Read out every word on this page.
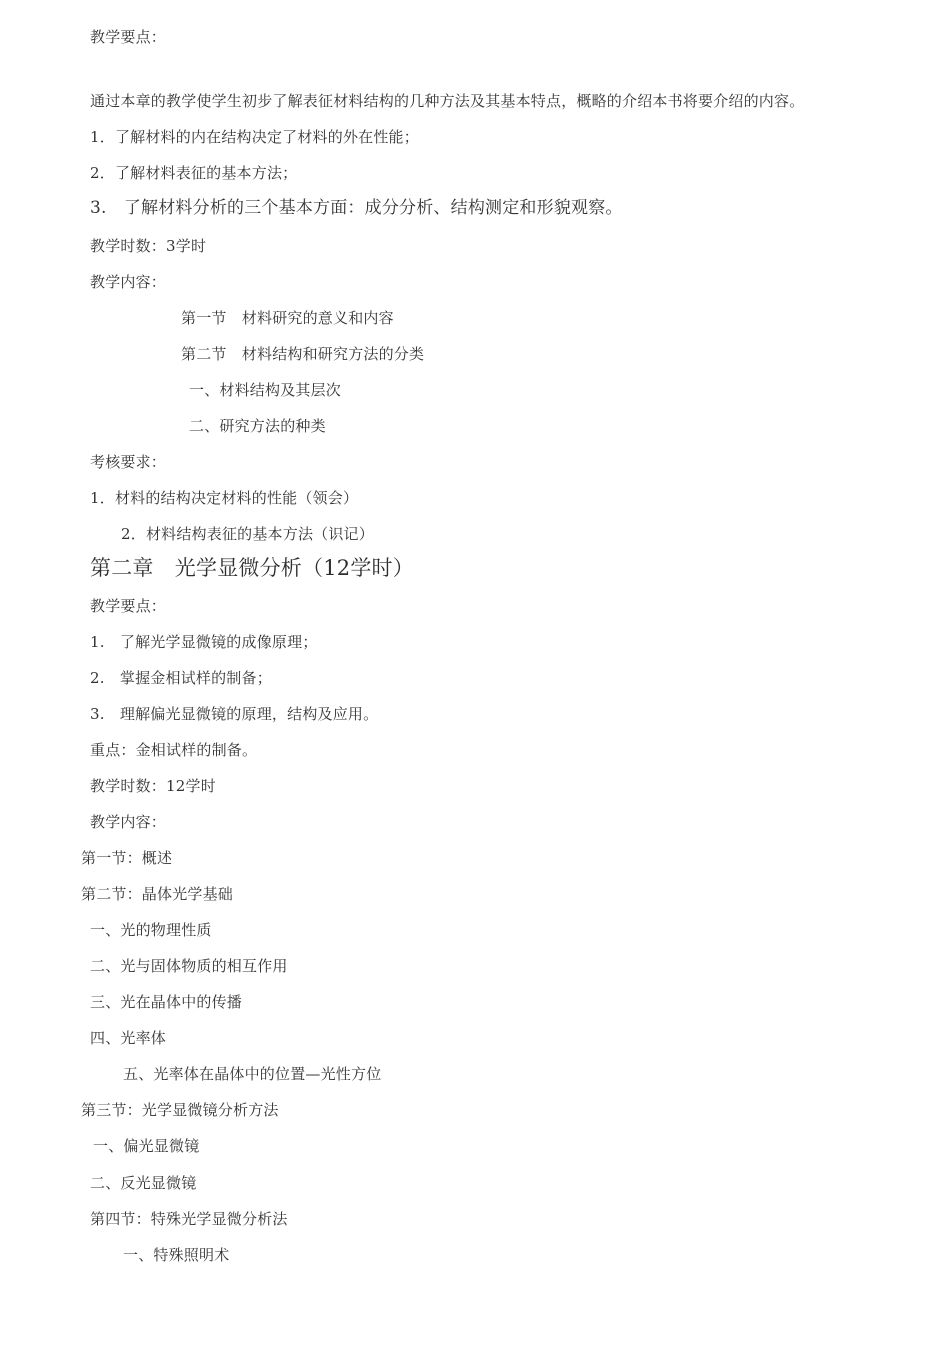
教学要点：
通过本章的教学使学生初步了解表征材料结构的几种方法及其基本特点，概略的介绍本书将要介绍的内容。
1．了解材料的内在结构决定了材料的外在性能；
2．了解材料表征的基本方法；
3.　了解材料分析的三个基本方面：成分分析、结构测定和形貌观察。
教学时数：3学时
教学内容：
第一节　材料研究的意义和内容
第二节　材料结构和研究方法的分类
一、材料结构及其层次
二、研究方法的种类
考核要求：
1．材料的结构决定材料的性能（领会）
2．材料结构表征的基本方法（识记）
第二章　光学显微分析（12学时）
教学要点：
1.　了解光学显微镜的成像原理；
2.　掌握金相试样的制备；
3.　理解偏光显微镜的原理，结构及应用。
重点：金相试样的制备。
教学时数：12学时
教学内容：
第一节：概述
第二节：晶体光学基础
一、光的物理性质
二、光与固体物质的相互作用
三、光在晶体中的传播
四、光率体
五、光率体在晶体中的位置—光性方位
第三节：光学显微镜分析方法
一、偏光显微镜
二、反光显微镜
第四节：特殊光学显微分析法
一、特殊照明术
